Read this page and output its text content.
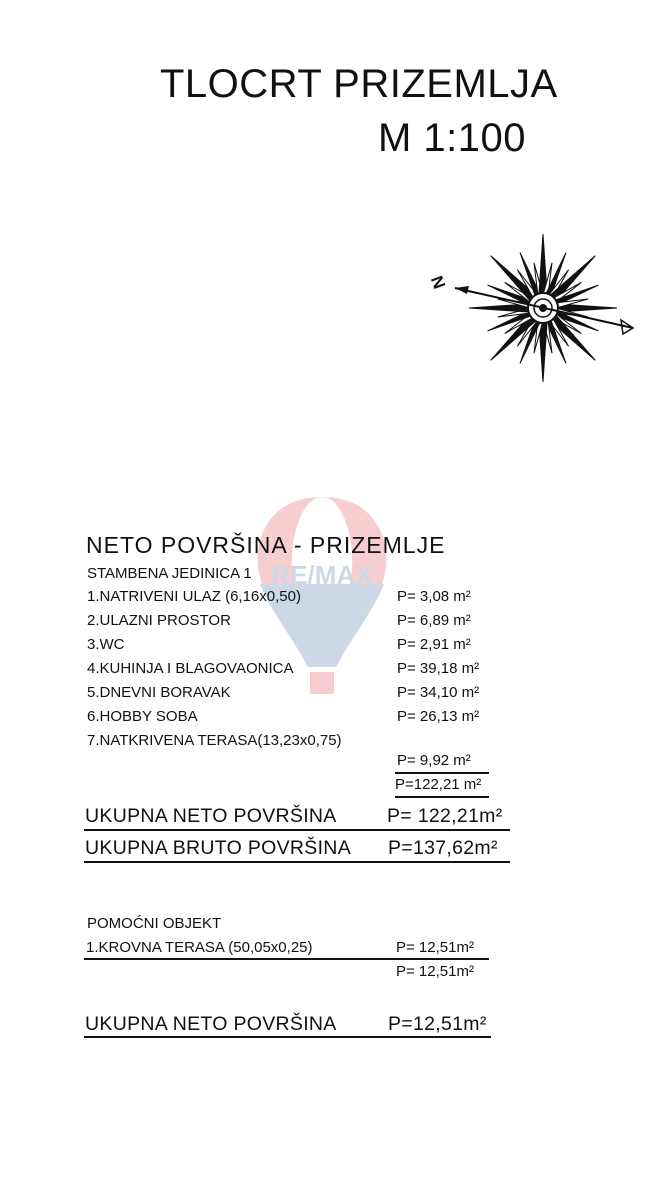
TLOCRT PRIZEMLJA
M 1:100
N
RE/MAX
NETO POVRŠINA - PRIZEMLJE
STAMBENA JEDINICA 1
1.NATRIVENI ULAZ (6,16x0,50)	P= 3,08 m²
2.ULAZNI PROSTOR	P= 6,89 m²
3.WC	P= 2,91 m²
4.KUHINJA I BLAGOVAONICA	P= 39,18 m²
5.DNEVNI BORAVAK	P= 34,10 m²
6.HOBBY SOBA	P= 26,13 m²
7.NATKRIVENA TERASA(13,23x0,75)
P= 9,92 m²
P=122,21 m²
UKUPNA NETO POVRŠINA	P= 122,21m²
UKUPNA BRUTO POVRŠINA P=137,62m²
POMOĆNI OBJEKT
1.KROVNA TERASA (50,05x0,25)	P= 12,51m²
P= 12,51m²
UKUPNA NETO POVRŠINA	P=12,51m²
